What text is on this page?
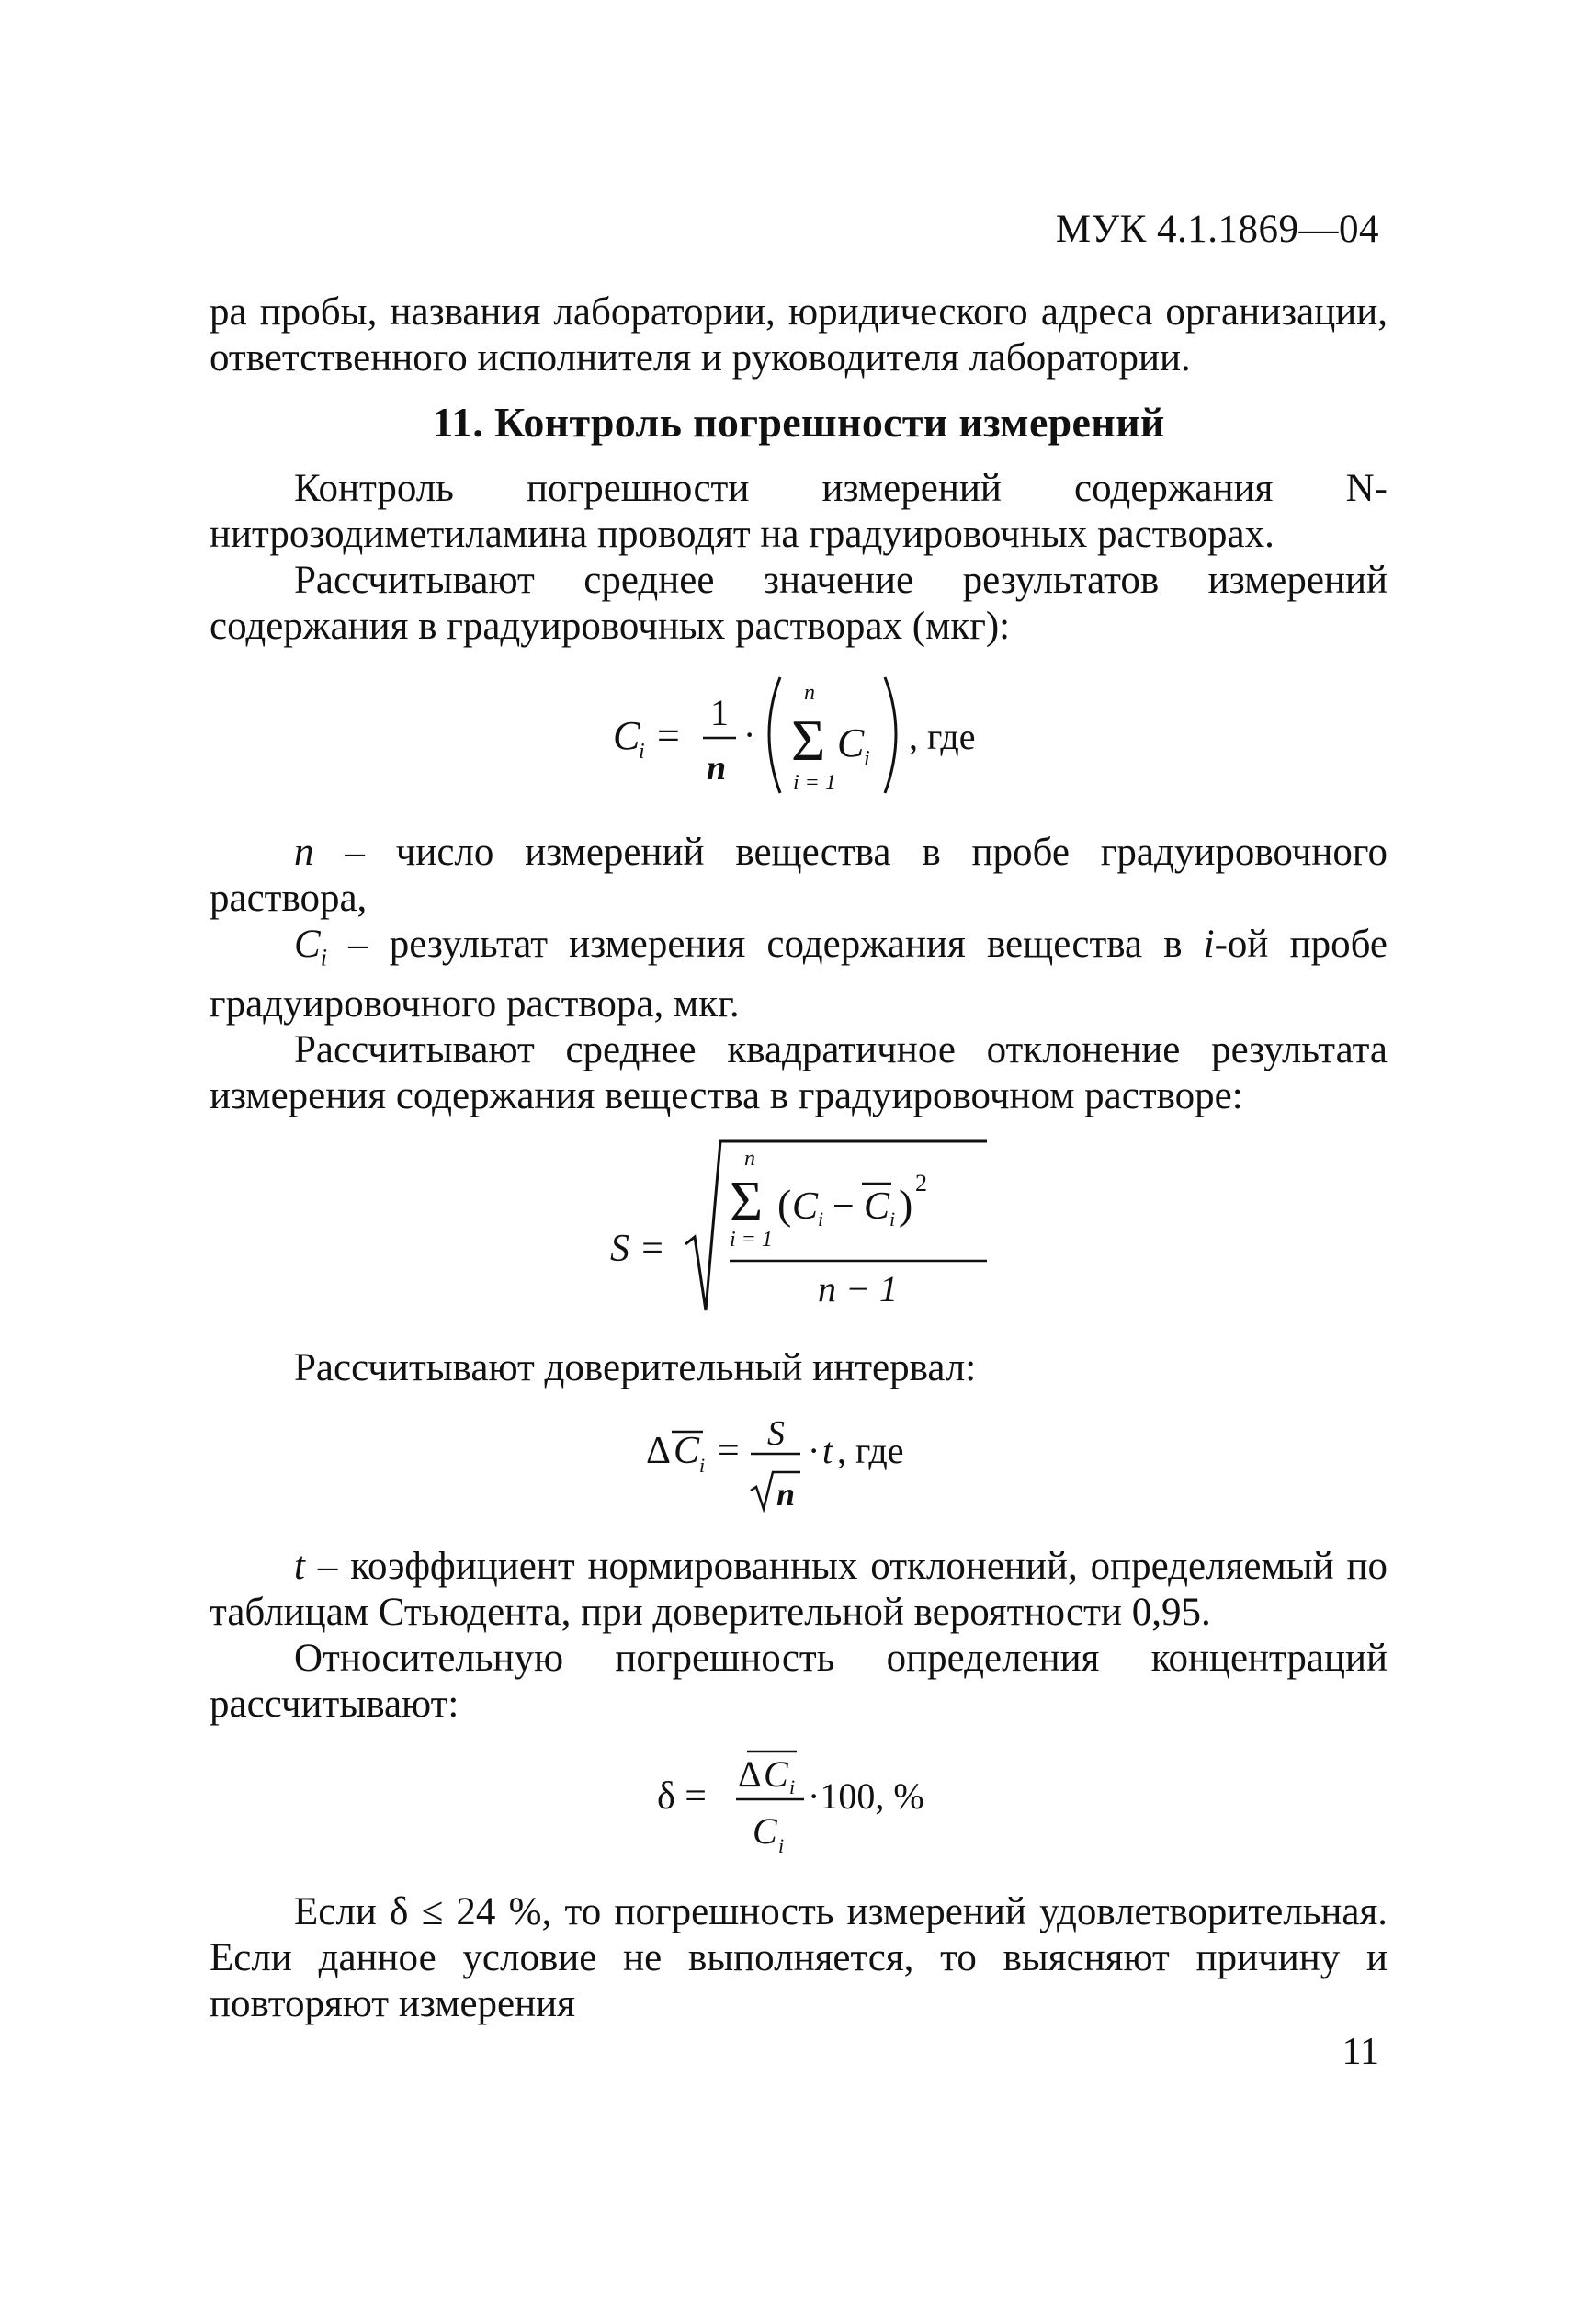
МУК 4.1.1869—04

ра пробы, названия лаборатории, юридического адреса организации, ответственного исполнителя и руководителя лаборатории.

11. Контроль погрешности измерений

Контроль погрешности измерений содержания N-нитрозодиметиламина проводят на градуировочных растворах.

Рассчитывают среднее значение результатов измерений содержания в градуировочных растворах (мкг):

C
i =
1
n
·
n
Σ C i
i = 1
, где

n – число измерений вещества в пробе градуировочного раствора,

$C_i$ – результат измерения содержания вещества в i-ой пробе градуировочного раствора, мкг.

Рассчитывают среднее квадратичное отклонение результата измерения содержания вещества в градуировочном растворе:

S =
n
Σ ( C i − C i ) 2
i = 1
n − 1

Рассчитывают доверительный интервал:

Δ C i = S
n
· t , где

t – коэффициент нормированных отклонений, определяемый по таблицам Стьюдента, при доверительной вероятности 0,95.

Относительную погрешность определения концентраций рассчитывают:

δ =
Δ C i
C i
·100, %

Если δ ≤ 24 %, то погрешность измерений удовлетворительная. Если данное условие не выполняется, то выясняют причину и повторяют измерения

11
